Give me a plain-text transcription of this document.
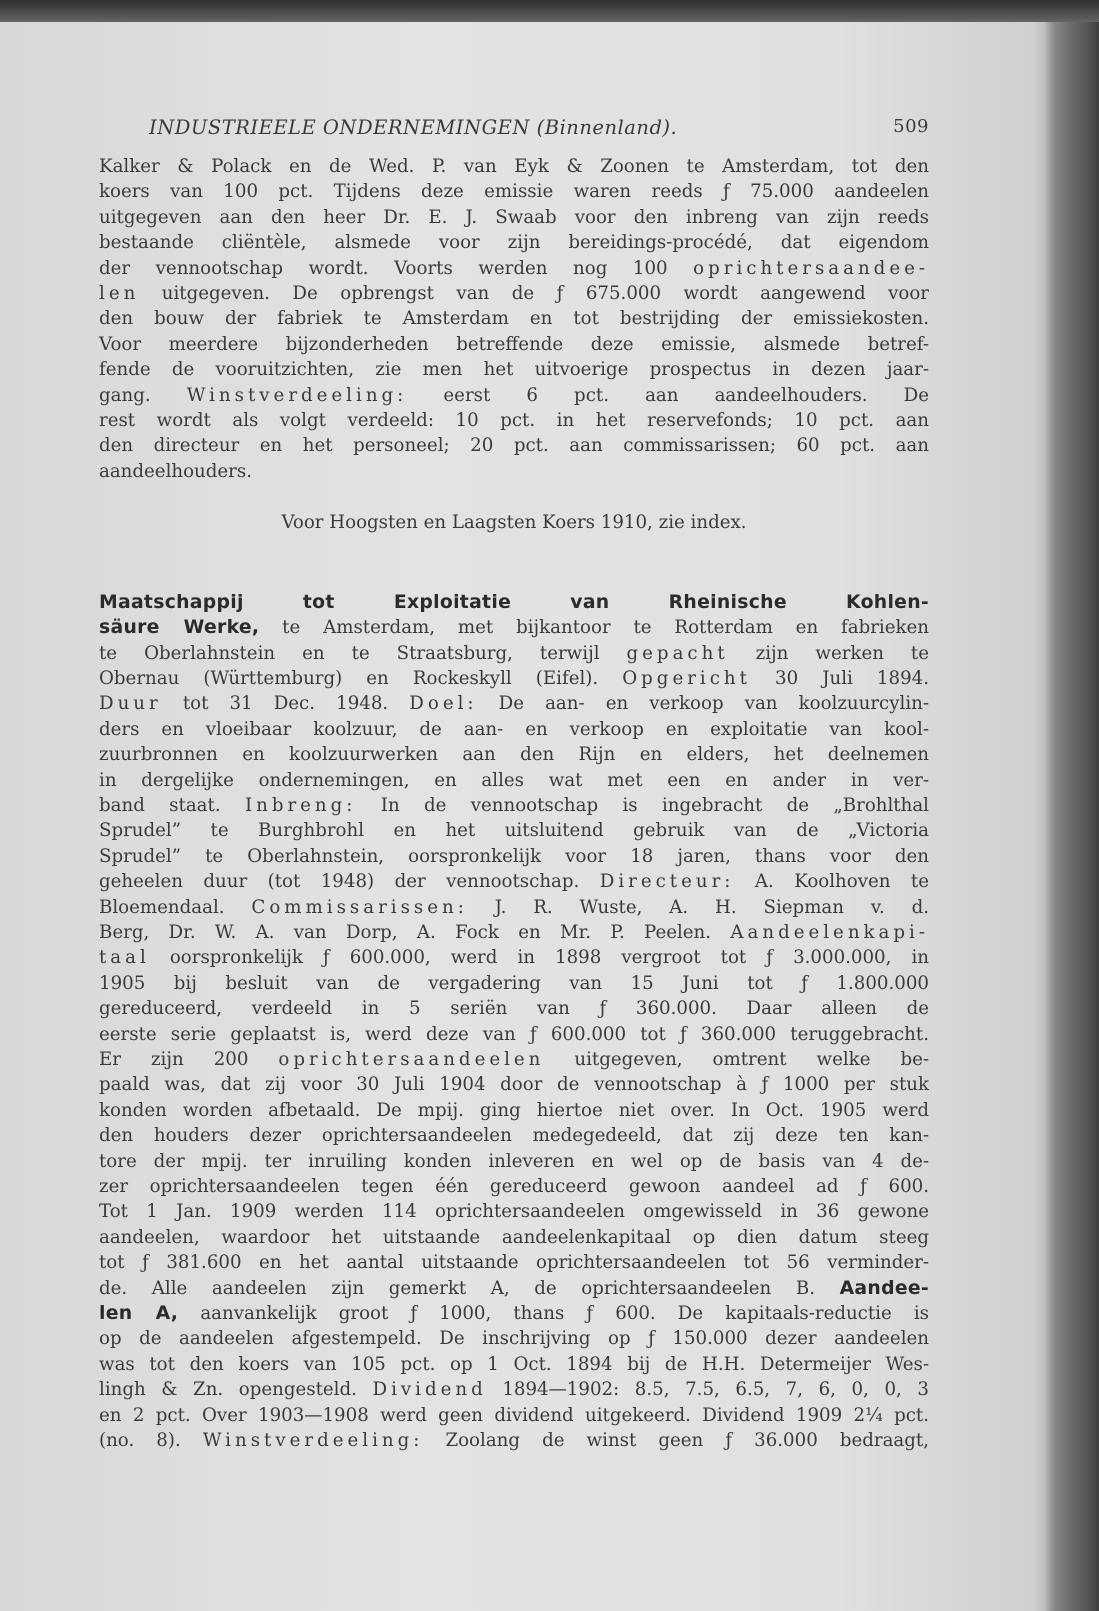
INDUSTRIEELE ONDERNEMINGEN (Binnenland).	509

Kalker & Polack en de Wed. P. van Eyk & Zoonen te Amsterdam, tot den
koers van 100 pct. Tijdens deze emissie waren reeds ƒ 75.000 aandeelen
uitgegeven aan den heer Dr. E. J. Swaab voor den inbreng van zijn reeds
bestaande cliëntèle, alsmede voor zijn bereidings-procédé, dat eigendom
der vennootschap wordt. Voorts werden nog 100 oprichtersaandee-
len uitgegeven. De opbrengst van de ƒ 675.000 wordt aangewend voor
den bouw der fabriek te Amsterdam en tot bestrijding der emissiekosten.
Voor meerdere bijzonderheden betreffende deze emissie, alsmede betref-
fende de vooruitzichten, zie men het uitvoerige prospectus in dezen jaar-
gang. Winstverdeeling: eerst 6 pct. aan aandeelhouders. De
rest wordt als volgt verdeeld: 10 pct. in het reservefonds; 10 pct. aan
den directeur en het personeel; 20 pct. aan commissarissen; 60 pct. aan
aandeelhouders.

Voor Hoogsten en Laagsten Koers 1910, zie index.

Maatschappij tot Exploitatie van Rheinische Kohlen-
säure Werke, te Amsterdam, met bijkantoor te Rotterdam en fabrieken
te Oberlahnstein en te Straatsburg, terwijl gepacht zijn werken te
Obernau (Württemburg) en Rockeskyll (Eifel). Opgericht 30 Juli 1894.
Duur tot 31 Dec. 1948. Doel: De aan- en verkoop van koolzuurcylin-
ders en vloeibaar koolzuur, de aan- en verkoop en exploitatie van kool-
zuurbronnen en koolzuurwerken aan den Rijn en elders, het deelnemen
in dergelijke ondernemingen, en alles wat met een en ander in ver-
band staat. Inbreng: In de vennootschap is ingebracht de „Brohlthal
Sprudel” te Burghbrohl en het uitsluitend gebruik van de „Victoria
Sprudel” te Oberlahnstein, oorspronkelijk voor 18 jaren, thans voor den
geheelen duur (tot 1948) der vennootschap. Directeur: A. Koolhoven te
Bloemendaal. Commissarissen: J. R. Wuste, A. H. Siepman v. d.
Berg, Dr. W. A. van Dorp, A. Fock en Mr. P. Peelen. Aandeelenkapi-
taal oorspronkelijk ƒ 600.000, werd in 1898 vergroot tot ƒ 3.000.000, in
1905 bij besluit van de vergadering van 15 Juni tot ƒ 1.800.000
gereduceerd, verdeeld in 5 seriën van ƒ 360.000. Daar alleen de
eerste serie geplaatst is, werd deze van ƒ 600.000 tot ƒ 360.000 teruggebracht.
Er zijn 200 oprichtersaandeelen uitgegeven, omtrent welke be-
paald was, dat zij voor 30 Juli 1904 door de vennootschap à ƒ 1000 per stuk
konden worden afbetaald. De mpij. ging hiertoe niet over. In Oct. 1905 werd
den houders dezer oprichtersaandeelen medegedeeld, dat zij deze ten kan-
tore der mpij. ter inruiling konden inleveren en wel op de basis van 4 de-
zer oprichtersaandeelen tegen één gereduceerd gewoon aandeel ad ƒ 600.
Tot 1 Jan. 1909 werden 114 oprichtersaandeelen omgewisseld in 36 gewone
aandeelen, waardoor het uitstaande aandeelenkapitaal op dien datum steeg
tot ƒ 381.600 en het aantal uitstaande oprichtersaandeelen tot 56 verminder-
de. Alle aandeelen zijn gemerkt A, de oprichtersaandeelen B. Aandee-
len A, aanvankelijk groot ƒ 1000, thans ƒ 600. De kapitaals-reductie is
op de aandeelen afgestempeld. De inschrijving op ƒ 150.000 dezer aandeelen
was tot den koers van 105 pct. op 1 Oct. 1894 bij de H.H. Determeijer Wes-
lingh & Zn. opengesteld. Dividend 1894—1902: 8.5, 7.5, 6.5, 7, 6, 0, 0, 3
en 2 pct. Over 1903—1908 werd geen dividend uitgekeerd. Dividend 1909 2¼ pct.
(no. 8). Winstverdeeling: Zoolang de winst geen ƒ 36.000 bedraagt,
